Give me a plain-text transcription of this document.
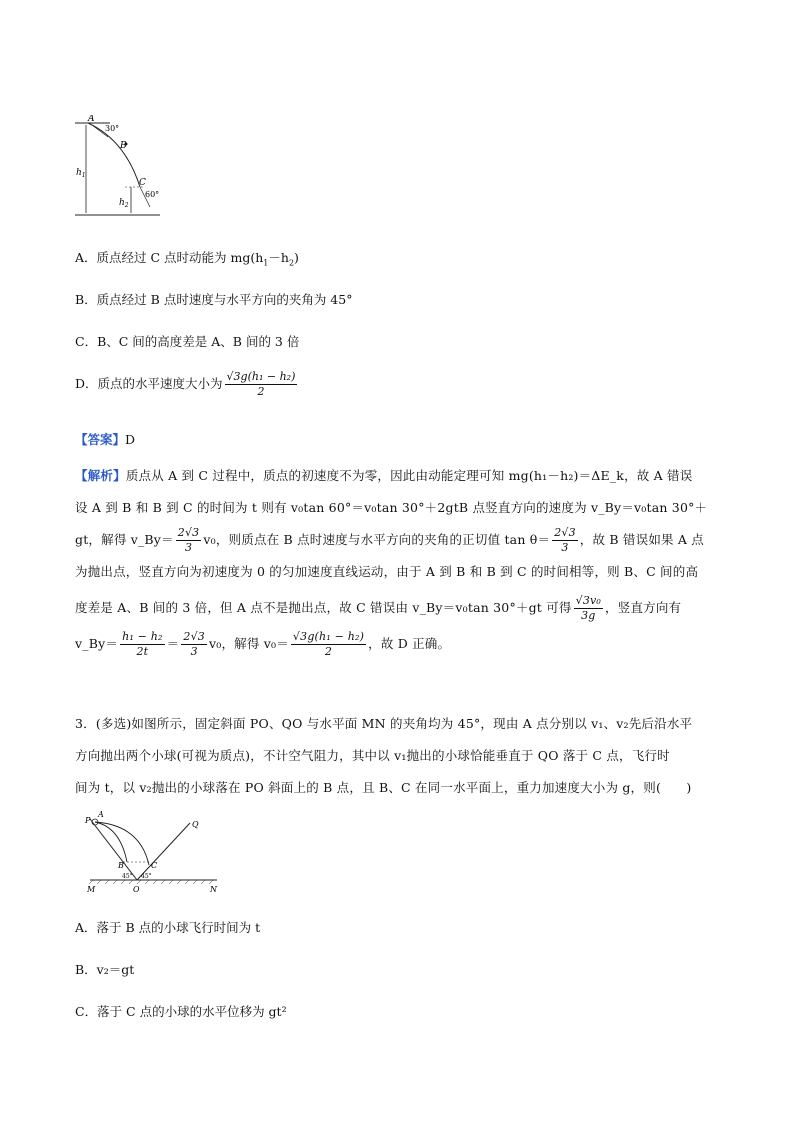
A
30°
B
C
60°
$h_1$
$h_2$
A．质点经过 C 点时动能为 $mg(h_1-h_2)$
B．质点经过 B 点时速度与水平方向的夹角为 45°
C．B、C 间的高度差是 A、B 间的 3 倍
D．质点的水平速度大小为 $\frac{\text{√3g(h₁ − h₂)}}{2}$
【答案】D
【解析】质点从 A 到 C 过程中，质点的初速度不为零，因此由动能定理可知 mg(h₁－h₂)＝ΔE_k，故 A 错误
设 A 到 B 和 B 到 C 的时间为 t 则有 v₀tan 60°＝v₀tan 30°＋2gtB 点竖直方向的速度为 v_By＝v₀tan 30°＋
gt，解得 v_By＝ $\frac{2√3}{3} v_0$，则质点在 B 点时速度与水平方向的夹角的正切值 $\tan \theta= \frac{2√3}{3}$ ，故 B 错误如果 A 点
为抛出点，竖直方向为初速度为 0 的匀加速度直线运动，由于 A 到 B 和 B 到 C 的时间相等，则 B、C 间的高
度差是 A、B 间的 3 倍，但 A 点不是抛出点，故 C 错误由 v_By＝v₀tan 30°＋gt 可得 $\frac{\text{√3v₀}}{3g}$ ，竖直方向有
v_By＝ $\frac{\text{h₁ − h₂}}{2t} = \frac{2√3}{3} v_0$，解得 $v_0= \frac{\text{√3g(h₁ − h₂)}}{2}$ ，故 D 正确。
3．(多选)如图所示，固定斜面 PO、QO 与水平面 MN 的夹角均为 45°，现由 A 点分别以 v₁、v₂先后沿水平
方向抛出两个小球(可视为质点)，不计空气阻力，其中以 v₁抛出的小球恰能垂直于 QO 落于 C 点，飞行时
间为 t，以 v₂抛出的小球落在 PO 斜面上的 B 点，且 B、C 在同一水平面上，重力加速度大小为 g，则(　　)
P
A
Q
B	C
45° 45°
M	O	N
A．落于 B 点的小球飞行时间为 t
B．v₂＝gt
C．落于 C 点的小球的水平位移为 gt²
